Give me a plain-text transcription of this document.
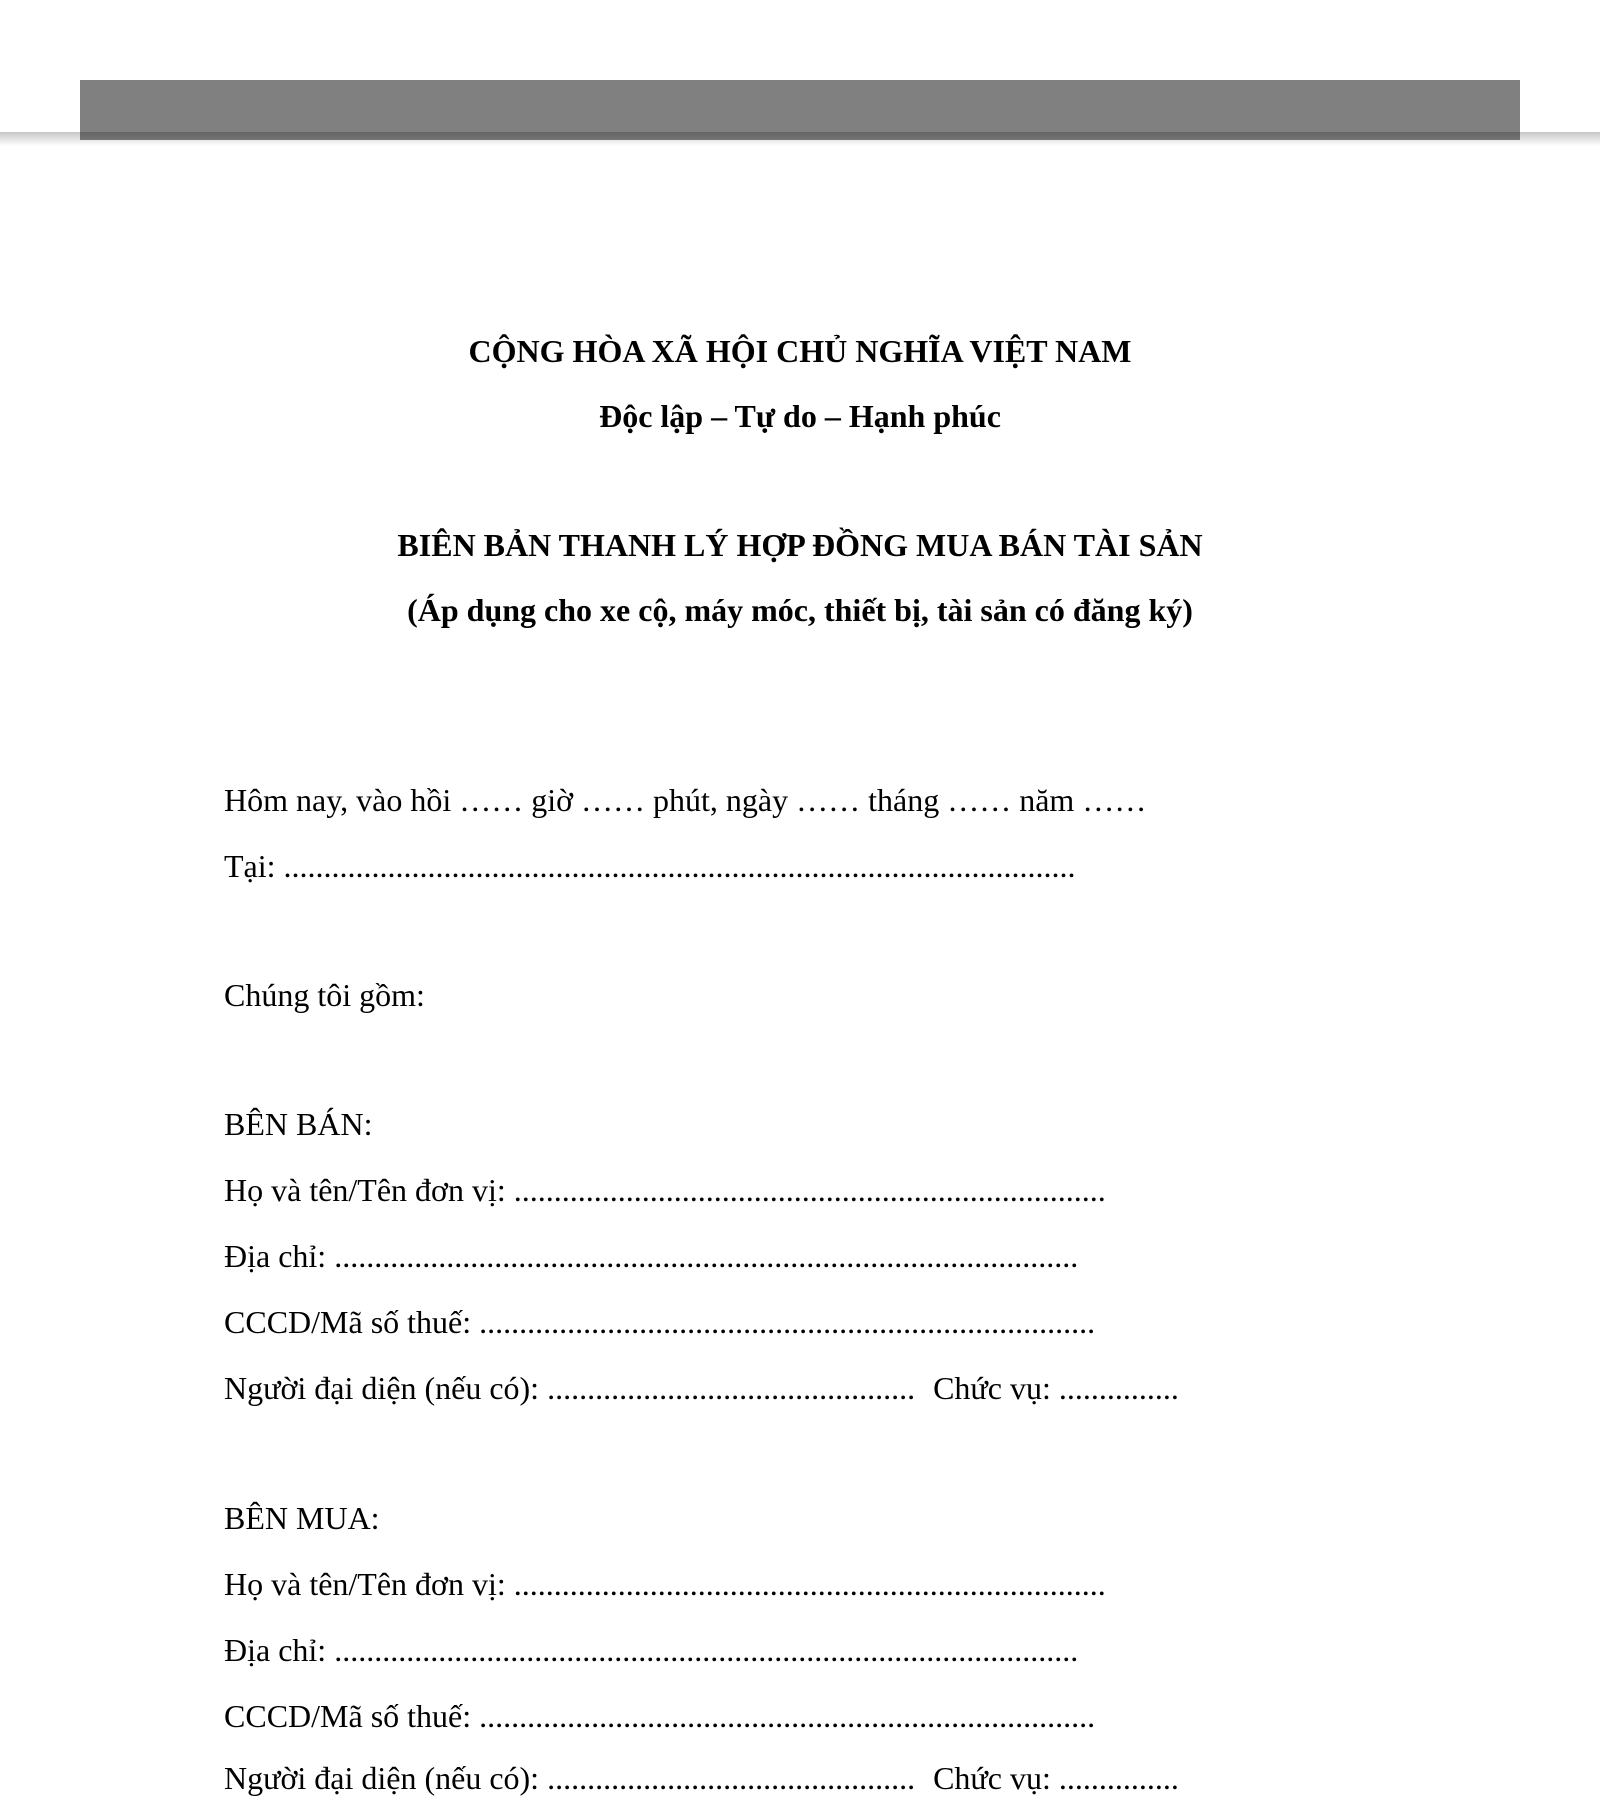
CỘNG HÒA XÃ HỘI CHỦ NGHĨA VIỆT NAM
Độc lập – Tự do – Hạnh phúc
BIÊN BẢN THANH LÝ HỢP ĐỒNG MUA BÁN TÀI SẢN
(Áp dụng cho xe cộ, máy móc, thiết bị, tài sản có đăng ký)
Hôm nay, vào hồi …… giờ …… phút, ngày …… tháng …… năm ……
Tại: ...................................................................................................
Chúng tôi gồm:
BÊN BÁN:
Họ và tên/Tên đơn vị: ..........................................................................
Địa chỉ: .............................................................................................
CCCD/Mã số thuế: .............................................................................
Người đại diện (nếu có): .............................................. Chức vụ: ...............
BÊN MUA:
Họ và tên/Tên đơn vị: ..........................................................................
Địa chỉ: .............................................................................................
CCCD/Mã số thuế: .............................................................................
Người đại diện (nếu có): .............................................. Chức vụ: ...............
